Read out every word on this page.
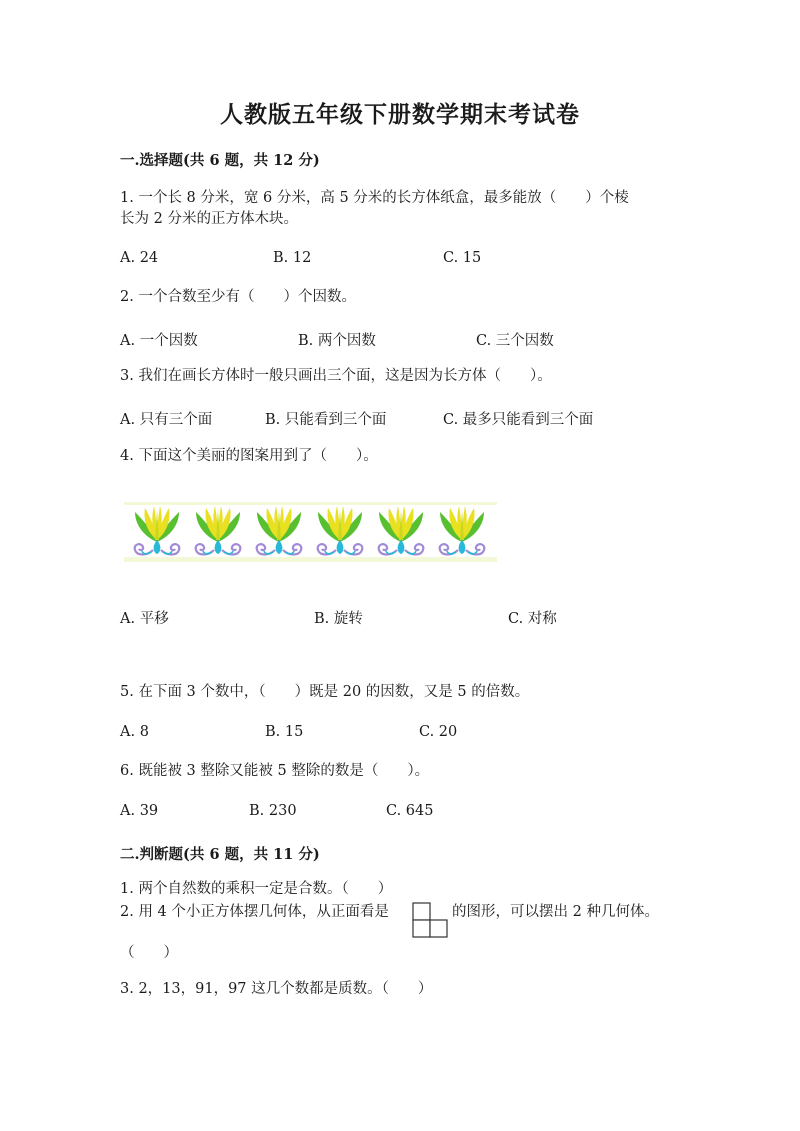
人教版五年级下册数学期末考试卷
一.选择题(共 6 题，共 12 分)
1. 一个长 8 分米，宽 6 分米，高 5 分米的长方体纸盒，最多能放（　　）个棱
长为 2 分米的正方体木块。
A. 24	B. 12	C. 15
2. 一个合数至少有（　　）个因数。
A. 一个因数	B. 两个因数	C. 三个因数
3. 我们在画长方体时一般只画出三个面，这是因为长方体（　　）。
A. 只有三个面	B. 只能看到三个面	C. 最多只能看到三个面
4. 下面这个美丽的图案用到了（　　）。
A. 平移	B. 旋转	C. 对称
5. 在下面 3 个数中，（　　）既是 20 的因数，又是 5 的倍数。
A. 8	B. 15	C. 20
6. 既能被 3 整除又能被 5 整除的数是（　　）。
A. 39	B. 230	C. 645
二.判断题(共 6 题，共 11 分)
1. 两个自然数的乘积一定是合数。（　　）
2. 用 4 个小正方体摆几何体，从正面看是	的图形，可以摆出 2 种几何体。
（　　）
3. 2，13，91，97 这几个数都是质数。（　　）
